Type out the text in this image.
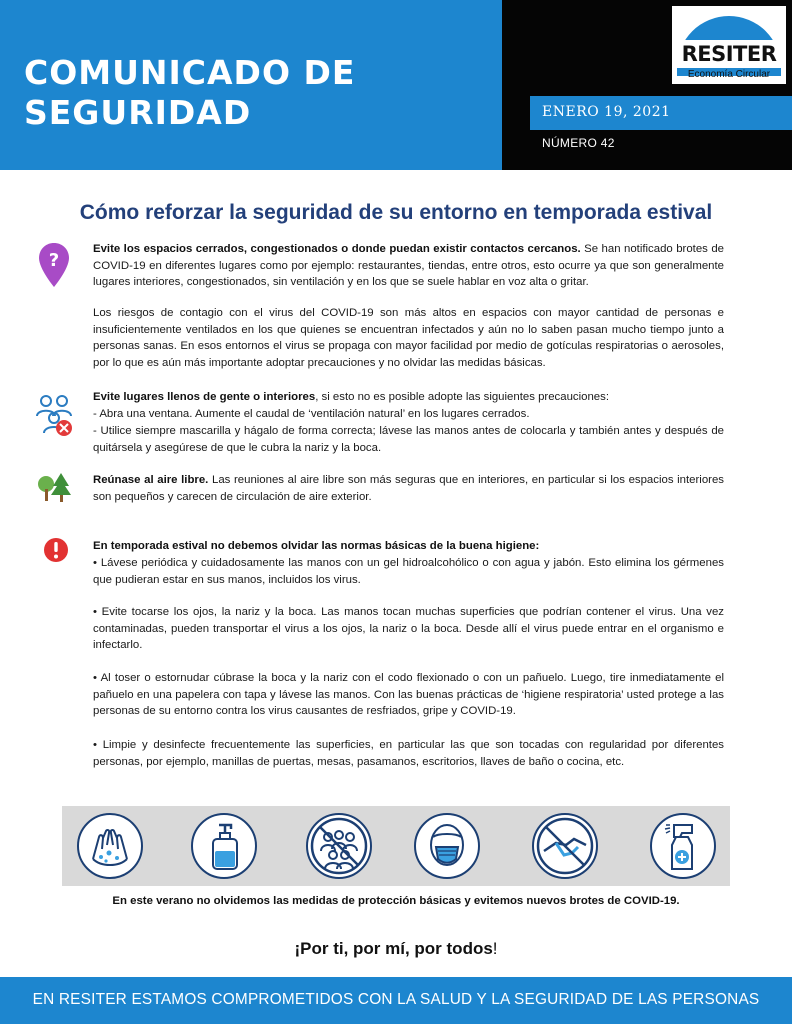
COMUNICADO DE
SEGURIDAD
RESITER
Economía Circular
ENERO 19, 2021
NÚMERO 42
Cómo reforzar la seguridad de su entorno en temporada estival
?
Evite los espacios cerrados, congestionados o donde puedan existir contactos cercanos. Se han notificado brotes de COVID-19 en diferentes lugares como por ejemplo: restaurantes, tiendas, entre otros, esto ocurre ya que son generalmente lugares interiores, congestionados, sin ventilación y en los que se suele hablar en voz alta o gritar.
Los riesgos de contagio con el virus del COVID-19 son más altos en espacios con mayor cantidad de personas e insuficientemente ventilados en los que quienes se encuentran infectados y aún no lo saben pasan mucho tiempo junto a personas sanas. En esos entornos el virus se propaga con mayor facilidad por medio de gotículas respiratorias o aerosoles, por lo que es aún más importante adoptar precauciones y no olvidar las medidas básicas.
Evite lugares llenos de gente o interiores, si esto no es posible adopte las siguientes precauciones:
- Abra una ventana. Aumente el caudal de ‘ventilación natural’ en los lugares cerrados.
- Utilice siempre mascarilla y hágalo de forma correcta; lávese las manos antes de colocarla y también antes y después de quitársela y asegúrese de que le cubra la nariz y la boca.
Reúnase al aire libre. Las reuniones al aire libre son más seguras que en interiores, en particular si los espacios interiores son pequeños y carecen de circulación de aire exterior.
En temporada estival no debemos olvidar las normas básicas de la buena higiene:
• Lávese periódica y cuidadosamente las manos con un gel hidroalcohólico o con agua y jabón. Esto elimina los gérmenes que pudieran estar en sus manos, incluidos los virus.
• Evite tocarse los ojos, la nariz y la boca. Las manos tocan muchas superficies que podrían contener el virus. Una vez contaminadas, pueden transportar el virus a los ojos, la nariz o la boca. Desde allí el virus puede entrar en el organismo e infectarlo.
• Al toser o estornudar cúbrase la boca y la nariz con el codo flexionado o con un pañuelo. Luego, tire inmediatamente el pañuelo en una papelera con tapa y lávese las manos. Con las buenas prácticas de ‘higiene respiratoria’ usted protege a las personas de su entorno contra los virus causantes de resfriados, gripe y COVID-19.
• Limpie y desinfecte frecuentemente las superficies, en particular las que son tocadas con regularidad por diferentes personas, por ejemplo, manillas de puertas, mesas, pasamanos, escritorios, llaves de baño o cocina, etc.
En este verano no olvidemos las medidas de protección básicas y evitemos nuevos brotes de COVID-19.
¡Por ti, por mí, por todos!
EN RESITER ESTAMOS COMPROMETIDOS CON LA SALUD Y LA SEGURIDAD DE LAS PERSONAS
